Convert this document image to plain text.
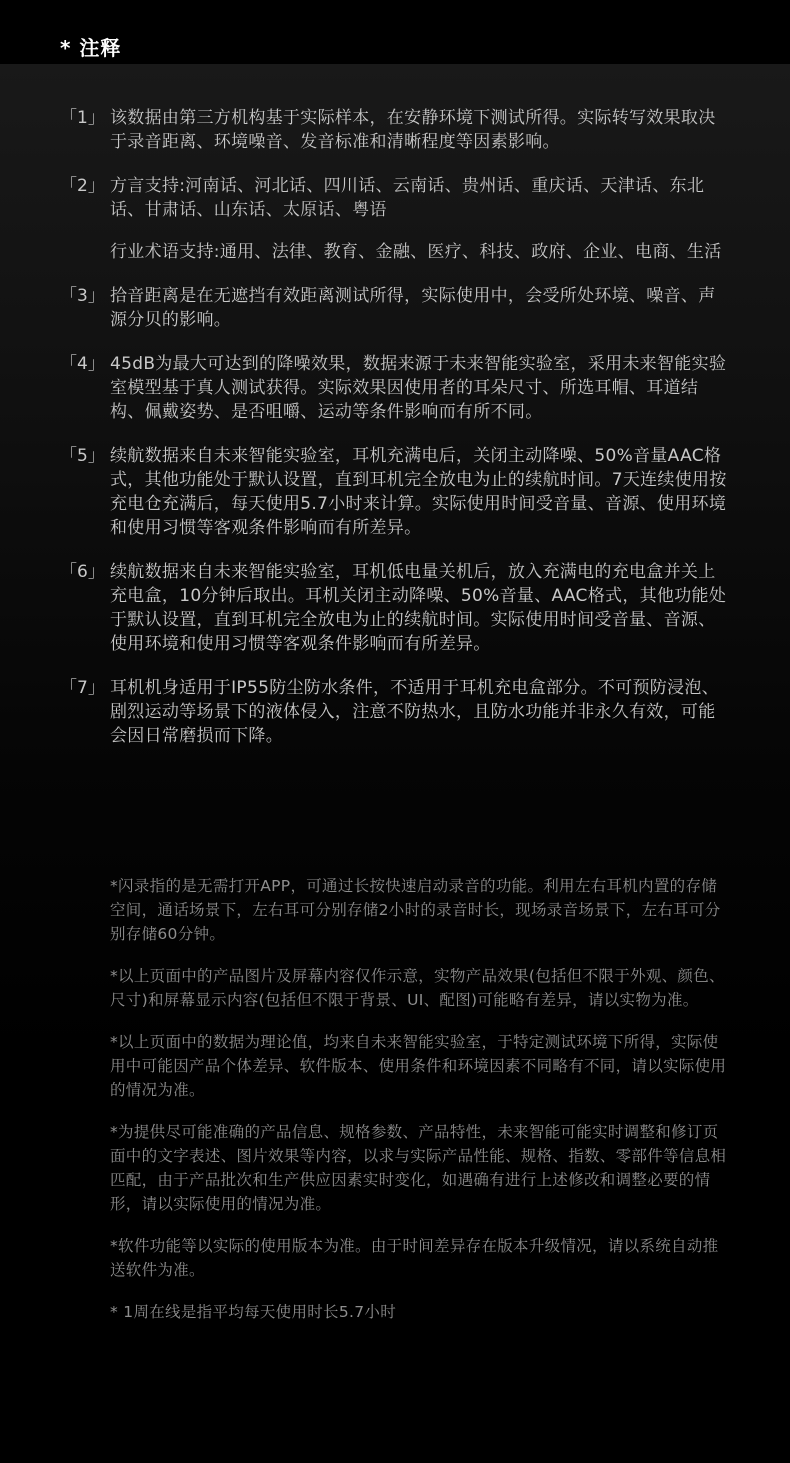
* 注释
「1」 该数据由第三方机构基于实际样本，在安静环境下测试所得。实际转写效果取决于录音距离、环境噪音、发音标准和清晰程度等因素影响。

「2」 方言支持:河南话、河北话、四川话、云南话、贵州话、重庆话、天津话、东北话、甘肃话、山东话、太原话、粤语

行业术语支持:通用、法律、教育、金融、医疗、科技、政府、企业、电商、生活

「3」 拾音距离是在无遮挡有效距离测试所得，实际使用中，会受所处环境、噪音、声源分贝的影响。

「4」 45dB为最大可达到的降噪效果，数据来源于未来智能实验室，采用未来智能实验室模型基于真人测试获得。实际效果因使用者的耳朵尺寸、所选耳帽、耳道结构、佩戴姿势、是否咀嚼、运动等条件影响而有所不同。

「5」 续航数据来自未来智能实验室，耳机充满电后，关闭主动降噪、50%音量AAC格式，其他功能处于默认设置，直到耳机完全放电为止的续航时间。7天连续使用按充电仓充满后，每天使用5.7小时来计算。实际使用时间受音量、音源、使用环境和使用习惯等客观条件影响而有所差异。

「6」 续航数据来自未来智能实验室，耳机低电量关机后，放入充满电的充电盒并关上充电盒，10分钟后取出。耳机关闭主动降噪、50%音量、AAC格式，其他功能处于默认设置，直到耳机完全放电为止的续航时间。实际使用时间受音量、音源、使用环境和使用习惯等客观条件影响而有所差异。

「7」 耳机机身适用于IP55防尘防水条件，不适用于耳机充电盒部分。不可预防浸泡、剧烈运动等场景下的液体侵入，注意不防热水，且防水功能并非永久有效，可能会因日常磨损而下降。

*闪录指的是无需打开APP，可通过长按快速启动录音的功能。利用左右耳机内置的存储空间，通话场景下，左右耳可分别存储2小时的录音时长，现场录音场景下，左右耳可分别存储60分钟。

*以上页面中的产品图片及屏幕内容仅作示意，实物产品效果(包括但不限于外观、颜色、尺寸)和屏幕显示内容(包括但不限于背景、UI、配图)可能略有差异，请以实物为准。

*以上页面中的数据为理论值，均来自未来智能实验室，于特定测试环境下所得，实际使用中可能因产品个体差异、软件版本、使用条件和环境因素不同略有不同，请以实际使用的情况为准。

*为提供尽可能准确的产品信息、规格参数、产品特性，未来智能可能实时调整和修订页面中的文字表述、图片效果等内容，以求与实际产品性能、规格、指数、零部件等信息相匹配，由于产品批次和生产供应因素实时变化，如遇确有进行上述修改和调整必要的情形，请以实际使用的情况为准。

*软件功能等以实际的使用版本为准。由于时间差异存在版本升级情况，请以系统自动推送软件为准。

* 1周在线是指平均每天使用时长5.7小时
